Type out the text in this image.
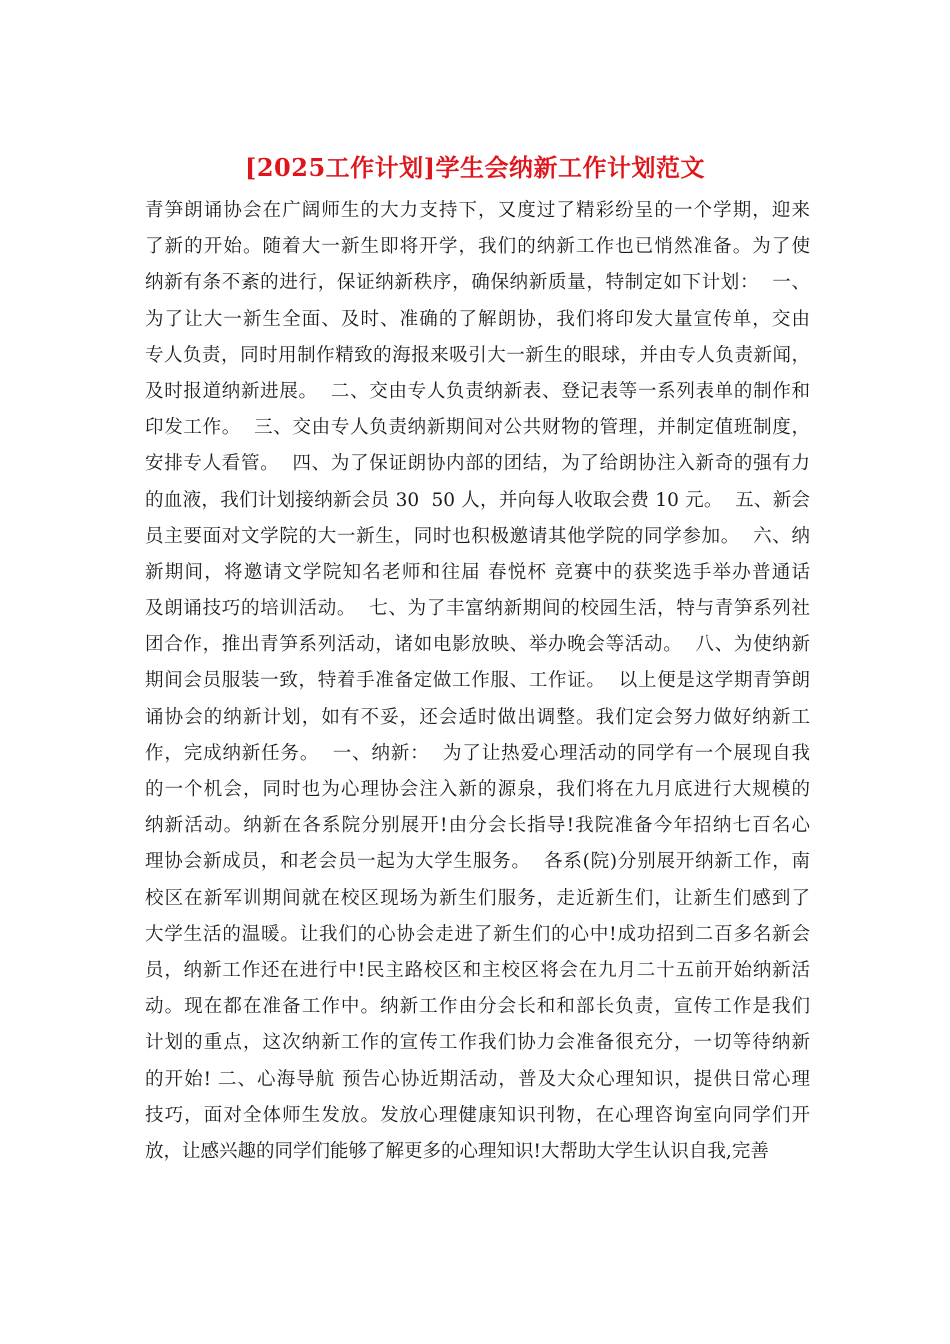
[2025工作计划]学生会纳新工作计划范文
青笋朗诵协会在广阔师生的大力支持下，又度过了精彩纷呈的一个学期，迎来
了新的开始。随着大一新生即将开学，我们的纳新工作也已悄然准备。为了使
纳新有条不紊的进行，保证纳新秩序，确保纳新质量，特制定如下计划：  一、
为了让大一新生全面、及时、准确的了解朗协，我们将印发大量宣传单，交由
专人负责，同时用制作精致的海报来吸引大一新生的眼球，并由专人负责新闻，
及时报道纳新进展。  二、交由专人负责纳新表、登记表等一系列表单的制作和
印发工作。  三、交由专人负责纳新期间对公共财物的管理，并制定值班制度，
安排专人看管。  四、为了保证朗协内部的团结，为了给朗协注入新奇的强有力
的血液，我们计划接纳新会员 30  50 人，并向每人收取会费 10 元。  五、新会
员主要面对文学院的大一新生，同时也积极邀请其他学院的同学参加。  六、纳
新期间，将邀请文学院知名老师和往届 春悦杯 竞赛中的获奖选手举办普通话
及朗诵技巧的培训活动。  七、为了丰富纳新期间的校园生活，特与青笋系列社
团合作，推出青笋系列活动，诸如电影放映、举办晚会等活动。  八、为使纳新
期间会员服装一致，特着手准备定做工作服、工作证。  以上便是这学期青笋朗
诵协会的纳新计划，如有不妥，还会适时做出调整。我们定会努力做好纳新工
作，完成纳新任务。  一、纳新：  为了让热爱心理活动的同学有一个展现自我
的一个机会，同时也为心理协会注入新的源泉，我们将在九月底进行大规模的
纳新活动。纳新在各系院分别展开!由分会长指导!我院准备今年招纳七百名心
理协会新成员，和老会员一起为大学生服务。  各系(院)分别展开纳新工作，南
校区在新军训期间就在校区现场为新生们服务，走近新生们，让新生们感到了
大学生活的温暖。让我们的心协会走进了新生们的心中!成功招到二百多名新会
员，纳新工作还在进行中!民主路校区和主校区将会在九月二十五前开始纳新活
动。现在都在准备工作中。纳新工作由分会长和和部长负责，宣传工作是我们
计划的重点，这次纳新工作的宣传工作我们协力会准备很充分，一切等待纳新
的开始! 二、心海导航 预告心协近期活动，普及大众心理知识，提供日常心理
技巧，面对全体师生发放。发放心理健康知识刊物，在心理咨询室向同学们开
放，让感兴趣的同学们能够了解更多的心理知识!大帮助大学生认识自我,完善
